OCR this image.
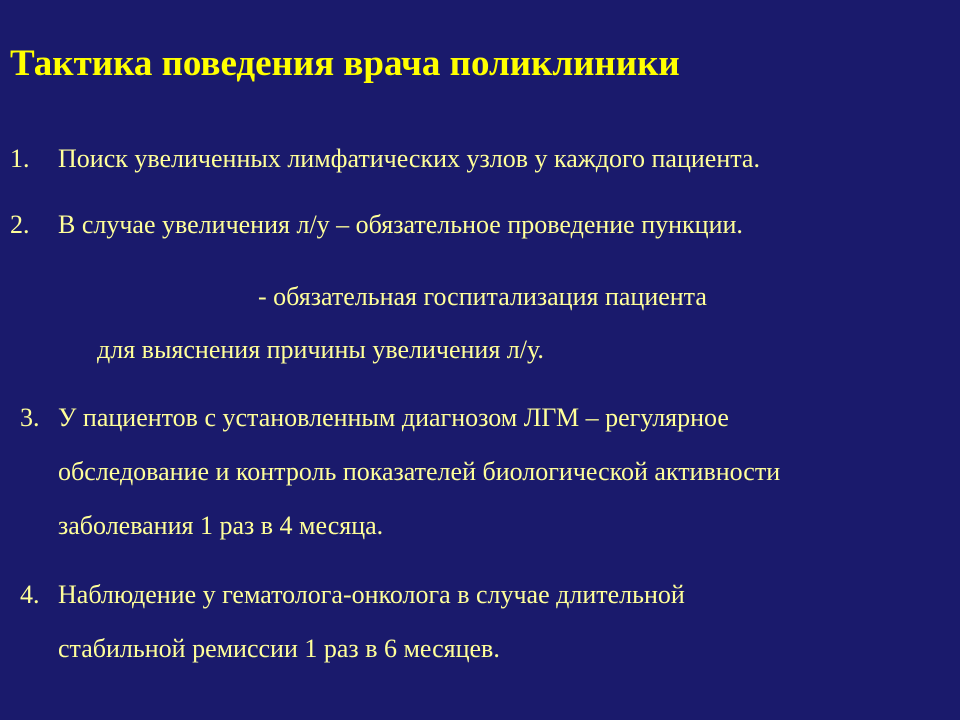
Тактика поведения врача поликлиники
1. Поиск увеличенных лимфатических узлов у каждого пациента.
2. В случае увеличения л/у – обязательное проведение пункции.
- обязательная госпитализация пациента
для выяснения причины увеличения л/у.
3. У пациентов с установленным диагнозом ЛГМ – регулярное
обследование и контроль показателей биологической активности
заболевания 1 раз в 4 месяца.
4. Наблюдение у гематолога-онколога в случае длительной
стабильной ремиссии 1 раз в 6 месяцев.
